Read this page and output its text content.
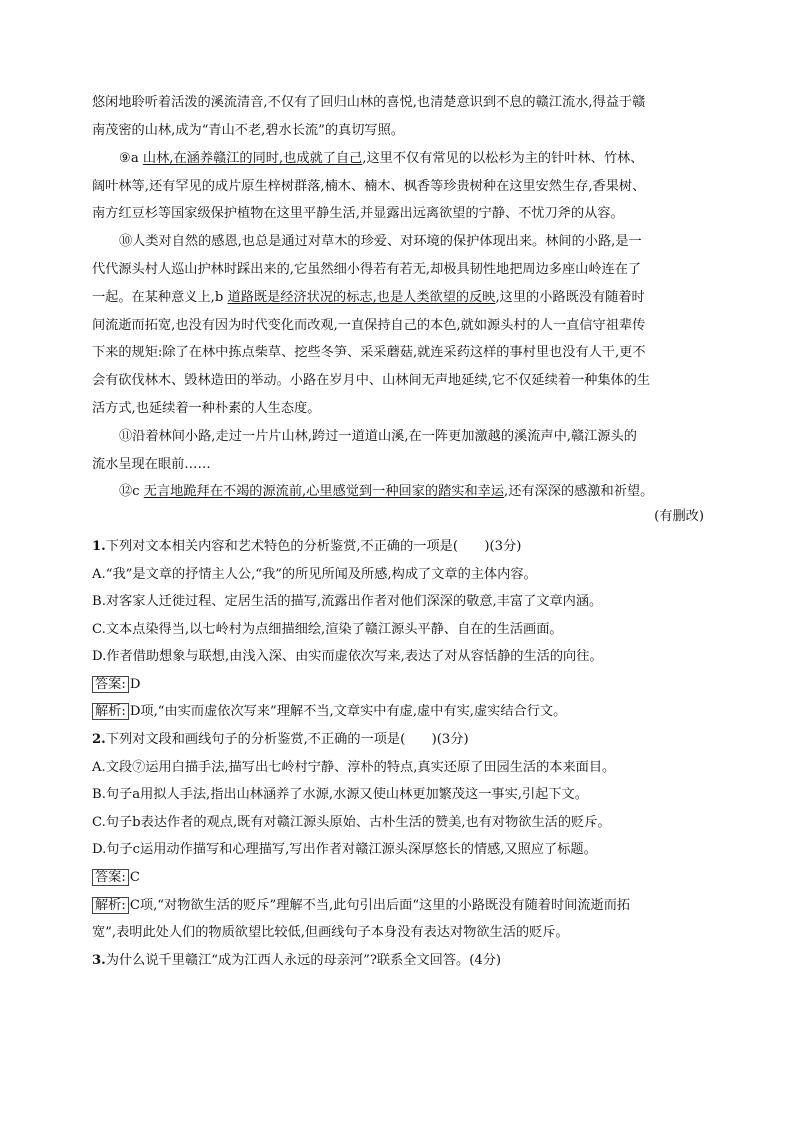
悠闲地聆听着活泼的溪流清音,不仅有了回归山林的喜悦,也清楚意识到不息的赣江流水,得益于赣
南茂密的山林,成为“青山不老,碧水长流”的真切写照。
⑨a 山林,在涵养赣江的同时,也成就了自己,这里不仅有常见的以松杉为主的针叶林、竹林、
阔叶林等,还有罕见的成片原生梓树群落,楠木、楠木、枫香等珍贵树种在这里安然生存,香果树、
南方红豆杉等国家级保护植物在这里平静生活,并显露出远离欲望的宁静、不忧刀斧的从容。
⑩人类对自然的感恩,也总是通过对草木的珍爱、对环境的保护体现出来。林间的小路,是一
代代源头村人巡山护林时踩出来的,它虽然细小得若有若无,却极具韧性地把周边多座山岭连在了
一起。在某种意义上,b 道路既是经济状况的标志,也是人类欲望的反映,这里的小路既没有随着时
间流逝而拓宽,也没有因为时代变化而改观,一直保持自己的本色,就如源头村的人一直信守祖辈传
下来的规矩:除了在林中拣点柴草、挖些冬笋、采采蘑菇,就连采药这样的事村里也没有人干,更不
会有砍伐林木、毁林造田的举动。小路在岁月中、山林间无声地延续,它不仅延续着一种集体的生
活方式,也延续着一种朴素的人生态度。
⑪沿着林间小路,走过一片片山林,跨过一道道山溪,在一阵更加激越的溪流声中,赣江源头的
流水呈现在眼前……
⑫c 无言地跪拜在不竭的源流前,心里感觉到一种回家的踏实和幸运,还有深深的感激和祈望。
(有删改)
1.下列对文本相关内容和艺术特色的分析鉴赏,不正确的一项是(　　)(3分)
A.“我”是文章的抒情主人公,“我”的所见所闻及所感,构成了文章的主体内容。
B.对客家人迁徙过程、定居生活的描写,流露出作者对他们深深的敬意,丰富了文章内涵。
C.文本点染得当,以七岭村为点细描细绘,渲染了赣江源头平静、自在的生活画面。
D.作者借助想象与联想,由浅入深、由实而虚依次写来,表达了对从容恬静的生活的向往。
答案: D
解析: D项,“由实而虚依次写来”理解不当,文章实中有虚,虚中有实,虚实结合行文。
2.下列对文段和画线句子的分析鉴赏,不正确的一项是(　　)(3分)
A.文段⑦运用白描手法,描写出七岭村宁静、淳朴的特点,真实还原了田园生活的本来面目。
B.句子a用拟人手法,指出山林涵养了水源,水源又使山林更加繁茂这一事实,引起下文。
C.句子b表达作者的观点,既有对赣江源头原始、古朴生活的赞美,也有对物欲生活的贬斥。
D.句子c运用动作描写和心理描写,写出作者对赣江源头深厚悠长的情感,又照应了标题。
答案: C
解析: C项,“对物欲生活的贬斥”理解不当,此句引出后面“这里的小路既没有随着时间流逝而拓
宽”,表明此处人们的物质欲望比较低,但画线句子本身没有表达对物欲生活的贬斥。
3.为什么说千里赣江“成为江西人永远的母亲河”?联系全文回答。(4分)
